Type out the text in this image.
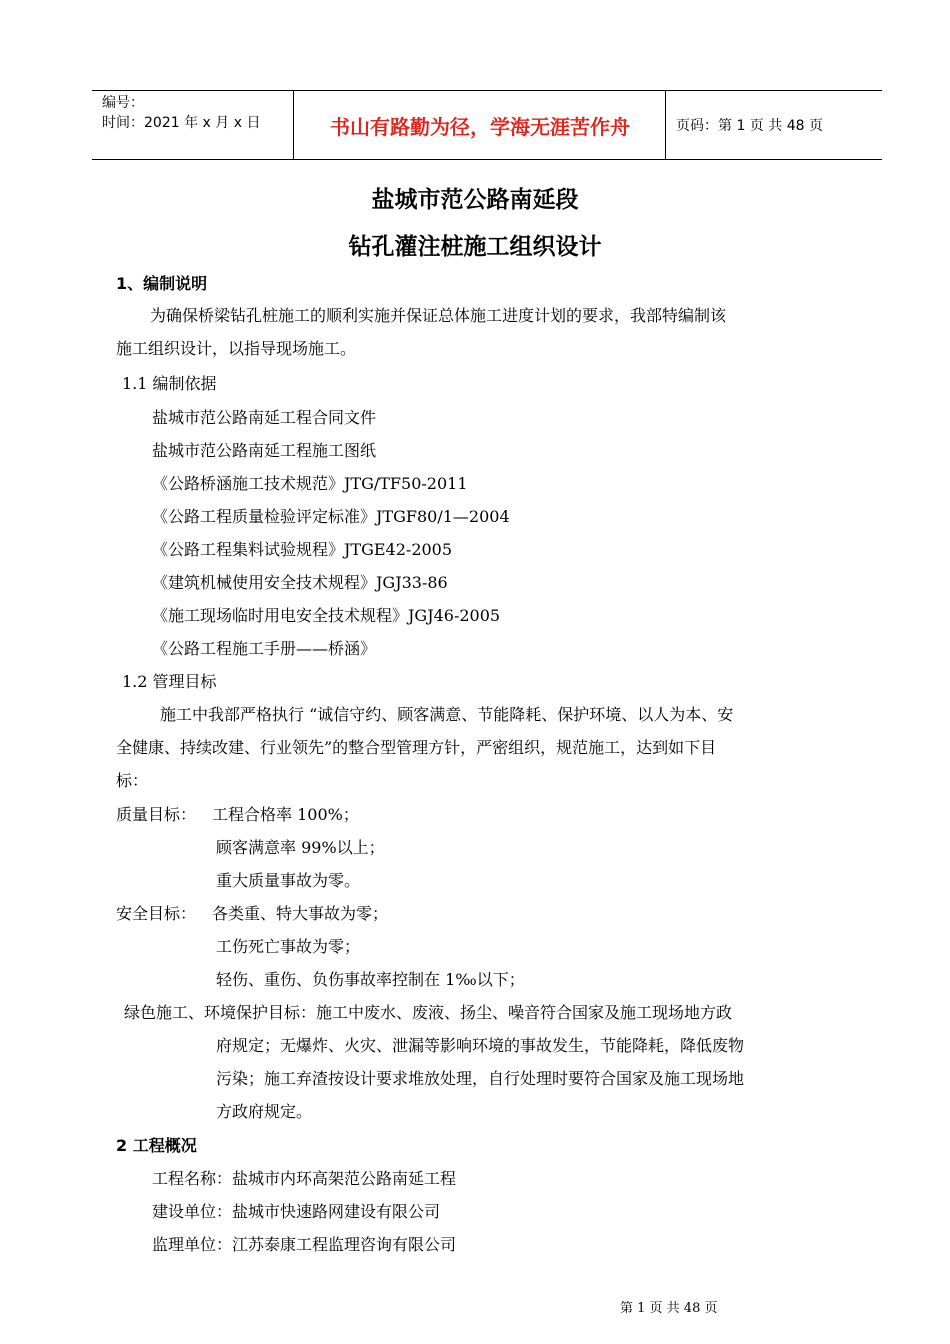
编号：
时间：2021 年 x 月 x 日	书山有路勤为径，学海无涯苦作舟	页码：第 1 页 共 48 页
盐城市范公路南延段
钻孔灌注桩施工组织设计
1、编制说明
为确保桥梁钻孔桩施工的顺利实施并保证总体施工进度计划的要求，我部特编制该
施工组织设计，以指导现场施工。
1.1 编制依据
盐城市范公路南延工程合同文件
盐城市范公路南延工程施工图纸
《公路桥涵施工技术规范》JTG/TF50-2011
《公路工程质量检验评定标准》JTGF80/1—2004
《公路工程集料试验规程》JTGE42-2005
《建筑机械使用安全技术规程》JGJ33-86
《施工现场临时用电安全技术规程》JGJ46-2005
《公路工程施工手册——桥涵》
1.2 管理目标
施工中我部严格执行 “诚信守约、顾客满意、节能降耗、保护环境、以人为本、安
全健康、持续改建、行业领先”的整合型管理方针，严密组织，规范施工，达到如下目
标：
质量目标： 工程合格率 100%；
顾客满意率 99%以上；
重大质量事故为零。
安全目标： 各类重、特大事故为零；
工伤死亡事故为零；
轻伤、重伤、负伤事故率控制在 1‰以下；
绿色施工、环境保护目标：施工中废水、废液、扬尘、噪音符合国家及施工现场地方政
府规定；无爆炸、火灾、泄漏等影响环境的事故发生，节能降耗，降低废物
污染；施工弃渣按设计要求堆放处理，自行处理时要符合国家及施工现场地
方政府规定。
2 工程概况
工程名称：盐城市内环高架范公路南延工程
建设单位：盐城市快速路网建设有限公司
监理单位：江苏泰康工程监理咨询有限公司
第 1 页 共 48 页
